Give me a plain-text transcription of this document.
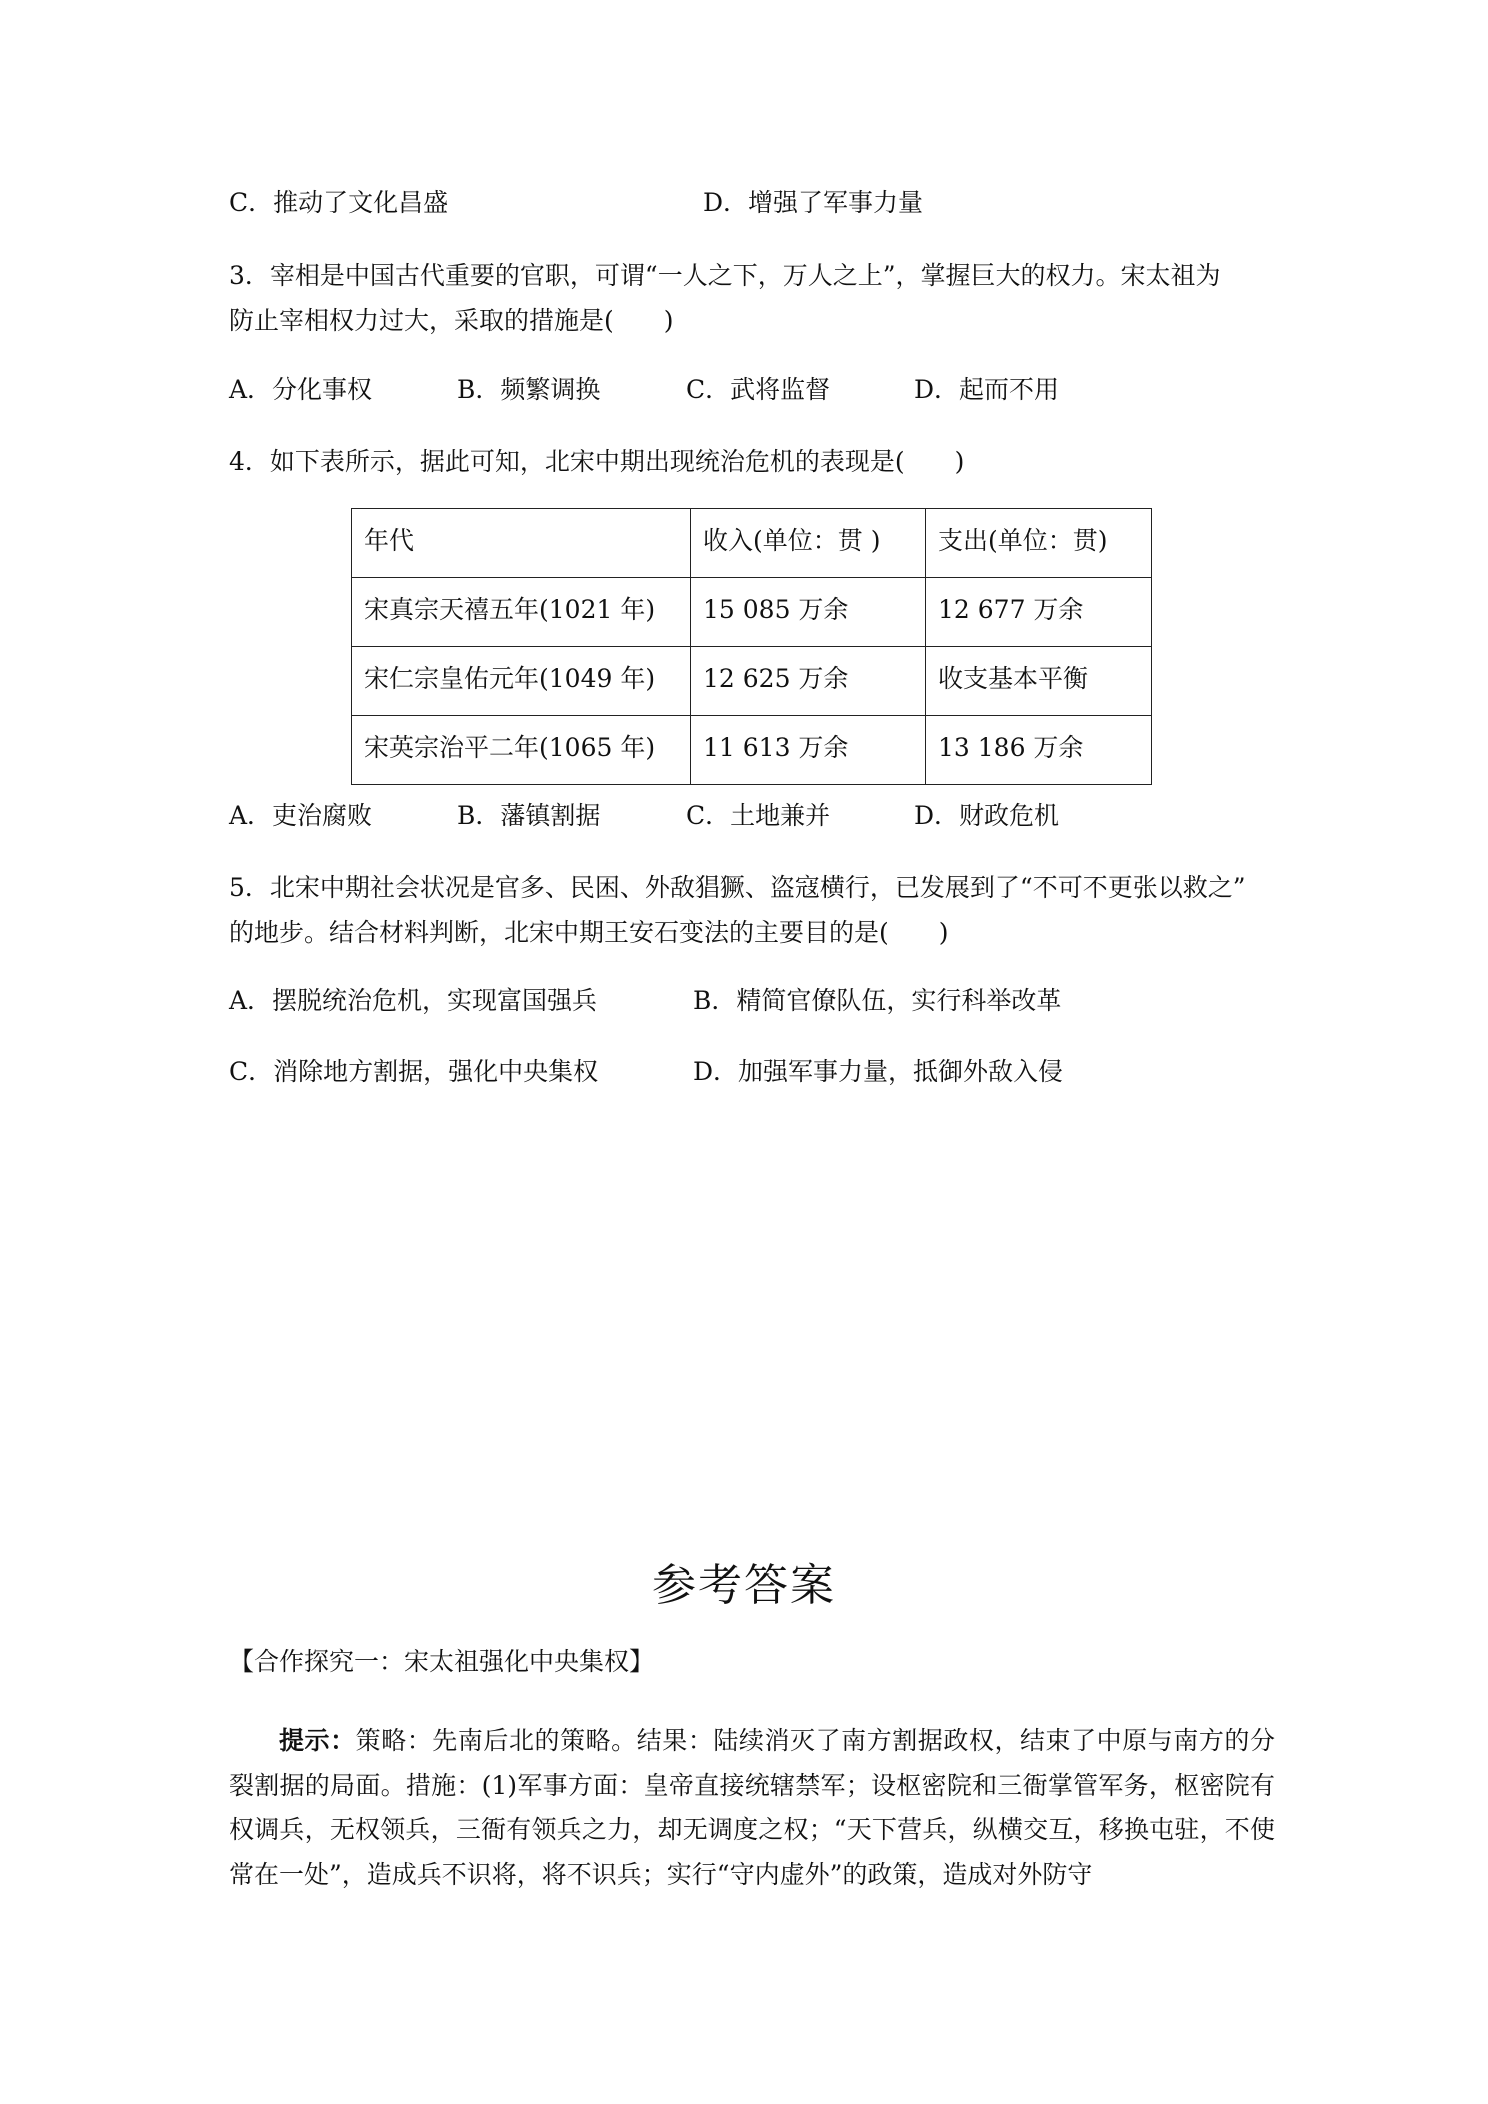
C．推动了文化昌盛	D．增强了军事力量
3．宰相是中国古代重要的官职，可谓“一人之下，万人之上”，掌握巨大的权力。宋太祖为
防止宰相权力过大，采取的措施是(　　)
A．分化事权	B．频繁调换	C．武将监督	D．起而不用
4．如下表所示，据此可知，北宋中期出现统治危机的表现是(　　)
年代	收入(单位：贯 )	支出(单位：贯)
宋真宗天禧五年(1021 年)	15 085 万余	12 677 万余
宋仁宗皇佑元年(1049 年)	12 625 万余	收支基本平衡
宋英宗治平二年(1065 年)	11 613 万余	13 186 万余
A．吏治腐败	B．藩镇割据	C．土地兼并	D．财政危机
5．北宋中期社会状况是官多、民困、外敌猖獗、盗寇横行，已发展到了“不可不更张以救之”
的地步。结合材料判断，北宋中期王安石变法的主要目的是(　　)
A．摆脱统治危机，实现富国强兵	B．精简官僚队伍，实行科举改革
C．消除地方割据，强化中央集权	D．加强军事力量，抵御外敌入侵
参考答案
【合作探究一：宋太祖强化中央集权】
提示：策略：先南后北的策略。结果：陆续消灭了南方割据政权，结束了中原与南方的分裂割据的局面。措施：(1)军事方面：皇帝直接统辖禁军；设枢密院和三衙掌管军务，枢密院有权调兵，无权领兵，三衙有领兵之力，却无调度之权；“天下营兵，纵横交互，移换屯驻，不使常在一处”，造成兵不识将，将不识兵；实行“守内虚外”的政策，造成对外防守
